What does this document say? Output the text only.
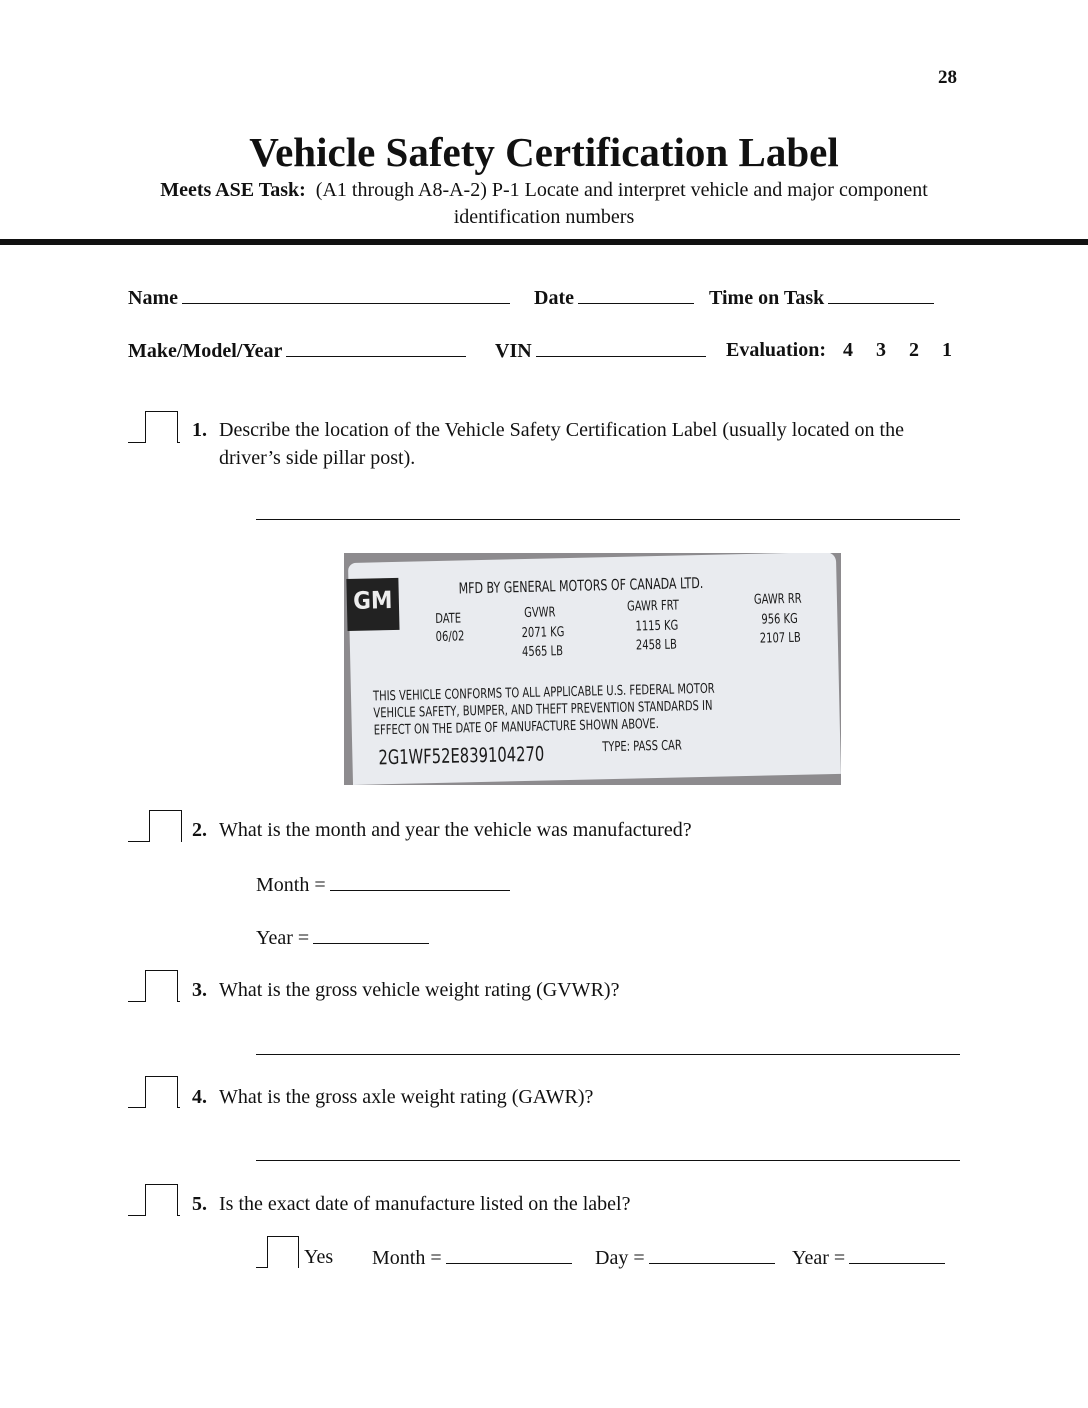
28
Vehicle Safety Certification Label
Meets ASE Task: (A1 through A8-A-2) P-1 Locate and interpret vehicle and major component
identification numbers
Name	Date	Time on Task
Make/Model/Year	VIN	Evaluation: 4 3 2 1
1. Describe the location of the Vehicle Safety Certification Label (usually located on the
driver’s side pillar post).
GM
MFD BY GENERAL MOTORS OF CANADA LTD.
DATE
06/02
GVWR
2071 KG
4565 LB
GAWR FRT
1115 KG
2458 LB
GAWR RR
956 KG
2107 LB
THIS VEHICLE CONFORMS TO ALL APPLICABLE U.S. FEDERAL MOTOR
VEHICLE SAFETY, BUMPER, AND THEFT PREVENTION STANDARDS IN
EFFECT ON THE DATE OF MANUFACTURE SHOWN ABOVE.
2G1WF52E839104270	TYPE: PASS CAR
2. What is the month and year the vehicle was manufactured?
Month =
Year =
3. What is the gross vehicle weight rating (GVWR)?
4. What is the gross axle weight rating (GAWR)?
5. Is the exact date of manufacture listed on the label?
Yes Month =	Day =	Year =
